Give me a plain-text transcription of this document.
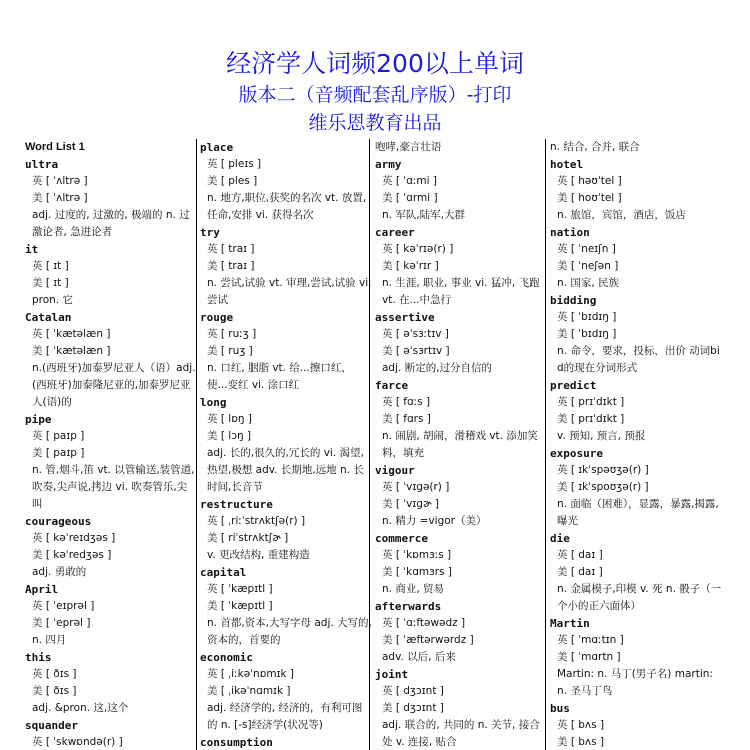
经济学人词频200以上单词
版本二（音频配套乱序版）-打印
维乐恩教育出品
Word List 1
ultra
英 [ ˈʌltrə ]
美 [ ˈʌltrə ]
adj. 过度的, 过激的, 极端的 n. 过激论者, 急进论者
it
英 [ ɪt ]
美 [ ɪt ]
pron. 它
Catalan
英 [ ˈkætəlæn ]
美 [ ˈkætəlæn ]
n.(西班牙)加泰罗尼亚人（语）adj.(西班牙)加泰隆尼亚的,加泰罗尼亚人(语)的
pipe
英 [ paɪp ]
美 [ paɪp ]
n. 管,烟斗,笛 vt. 以管输送,装管道,吹奏,尖声说,拷边 vi. 吹奏管乐,尖叫
courageous
英 [ kəˈreɪdʒəs ]
美 [ kəˈredʒəs ]
adj. 勇敢的
April
英 [ ˈeɪprəl ]
美 [ ˈeprəl ]
n. 四月
this
英 [ ðɪs ]
美 [ ðɪs ]
adj. &pron. 这,这个
squander
英 [ ˈskwɒndə(r) ]
place
英 [ pleɪs ]
美 [ ples ]
n. 地方,职位,获奖的名次 vt. 放置,任命,安排 vi. 获得名次
try
英 [ traɪ ]
美 [ traɪ ]
n. 尝试,试验 vt. 审理,尝试,试验 vi. 尝试
rouge
英 [ ruːʒ ]
美 [ ruʒ ]
n. 口红, 胭脂 vt. 给...擦口红，使...变红 vi. 涂口红
long
英 [ lɒŋ ]
美 [ lɔŋ ]
adj. 长的,很久的,冗长的 vi. 渴望,热望,极想 adv. 长期地,远地 n. 长时间,长音节
restructure
英 [ ˌriːˈstrʌktʃə(r) ]
美 [ riˈstrʌktʃɚ ]
v. 更改结构, 重建构造
capital
英 [ ˈkæpɪtl ]
美 [ ˈkæpɪtl ]
n. 首都,资本,大写字母 adj. 大写的,资本的，首要的
economic
英 [ ˌiːkəˈnɒmɪk ]
美 [ ˌikəˈnɑmɪk ]
adj. 经济学的, 经济的，有利可图的 n. [-s]经济学(状况等)
consumption
咆哮,豪言壮语
army
英 [ ˈɑːmi ]
美 [ ˈɑrmi ]
n. 军队,陆军,大群
career
英 [ kəˈrɪə(r) ]
美 [ kəˈrɪr ]
n. 生涯, 职业, 事业 vi. 猛冲, 飞跑 vt. 在...中急行
assertive
英 [ əˈsɜːtɪv ]
美 [ əˈsɜrtɪv ]
adj. 断定的,过分自信的
farce
英 [ fɑːs ]
美 [ fɑrs ]
n. 闹剧, 胡闹，滑稽戏 vt. 添加笑料，填充
vigour
英 [ ˈvɪgə(r) ]
美 [ ˈvɪgɚ ]
n. 精力 =vigor（美）
commerce
英 [ ˈkɒmɜːs ]
美 [ ˈkɑmɜrs ]
n. 商业, 贸易
afterwards
英 [ ˈɑːftəwədz ]
美 [ ˈæftərwərdz ]
adv. 以后, 后来
joint
英 [ dʒɔɪnt ]
美 [ dʒɔɪnt ]
adj. 联合的, 共同的 n. 关节, 接合处 v. 连接, 贴合
n. 结合, 合并, 联合
hotel
英 [ həʊˈtel ]
美 [ hoʊˈtel ]
n. 旅馆，宾馆，酒店，饭店
nation
英 [ ˈneɪʃn ]
美 [ ˈneʃən ]
n. 国家, 民族
bidding
英 [ ˈbɪdɪŋ ]
美 [ ˈbɪdɪŋ ]
n. 命令，要求，投标，出价 动词bid的现在分词形式
predict
英 [ prɪˈdɪkt ]
美 [ prɪˈdɪkt ]
v. 预知, 预言, 预报
exposure
英 [ ɪkˈspəʊʒə(r) ]
美 [ ɪkˈspoʊʒə(r) ]
n. 面临（困难），显露，暴露,揭露,曝光
die
英 [ daɪ ]
美 [ daɪ ]
n. 金属模子,印模 v. 死 n. 骰子（一个小的正六面体）
Martin
英 [ ˈmɑːtɪn ]
美 [ ˈmɑrtn ]
Martin: n. 马丁(男子名) martin: n. 圣马丁鸟
bus
英 [ bʌs ]
美 [ bʌs ]
